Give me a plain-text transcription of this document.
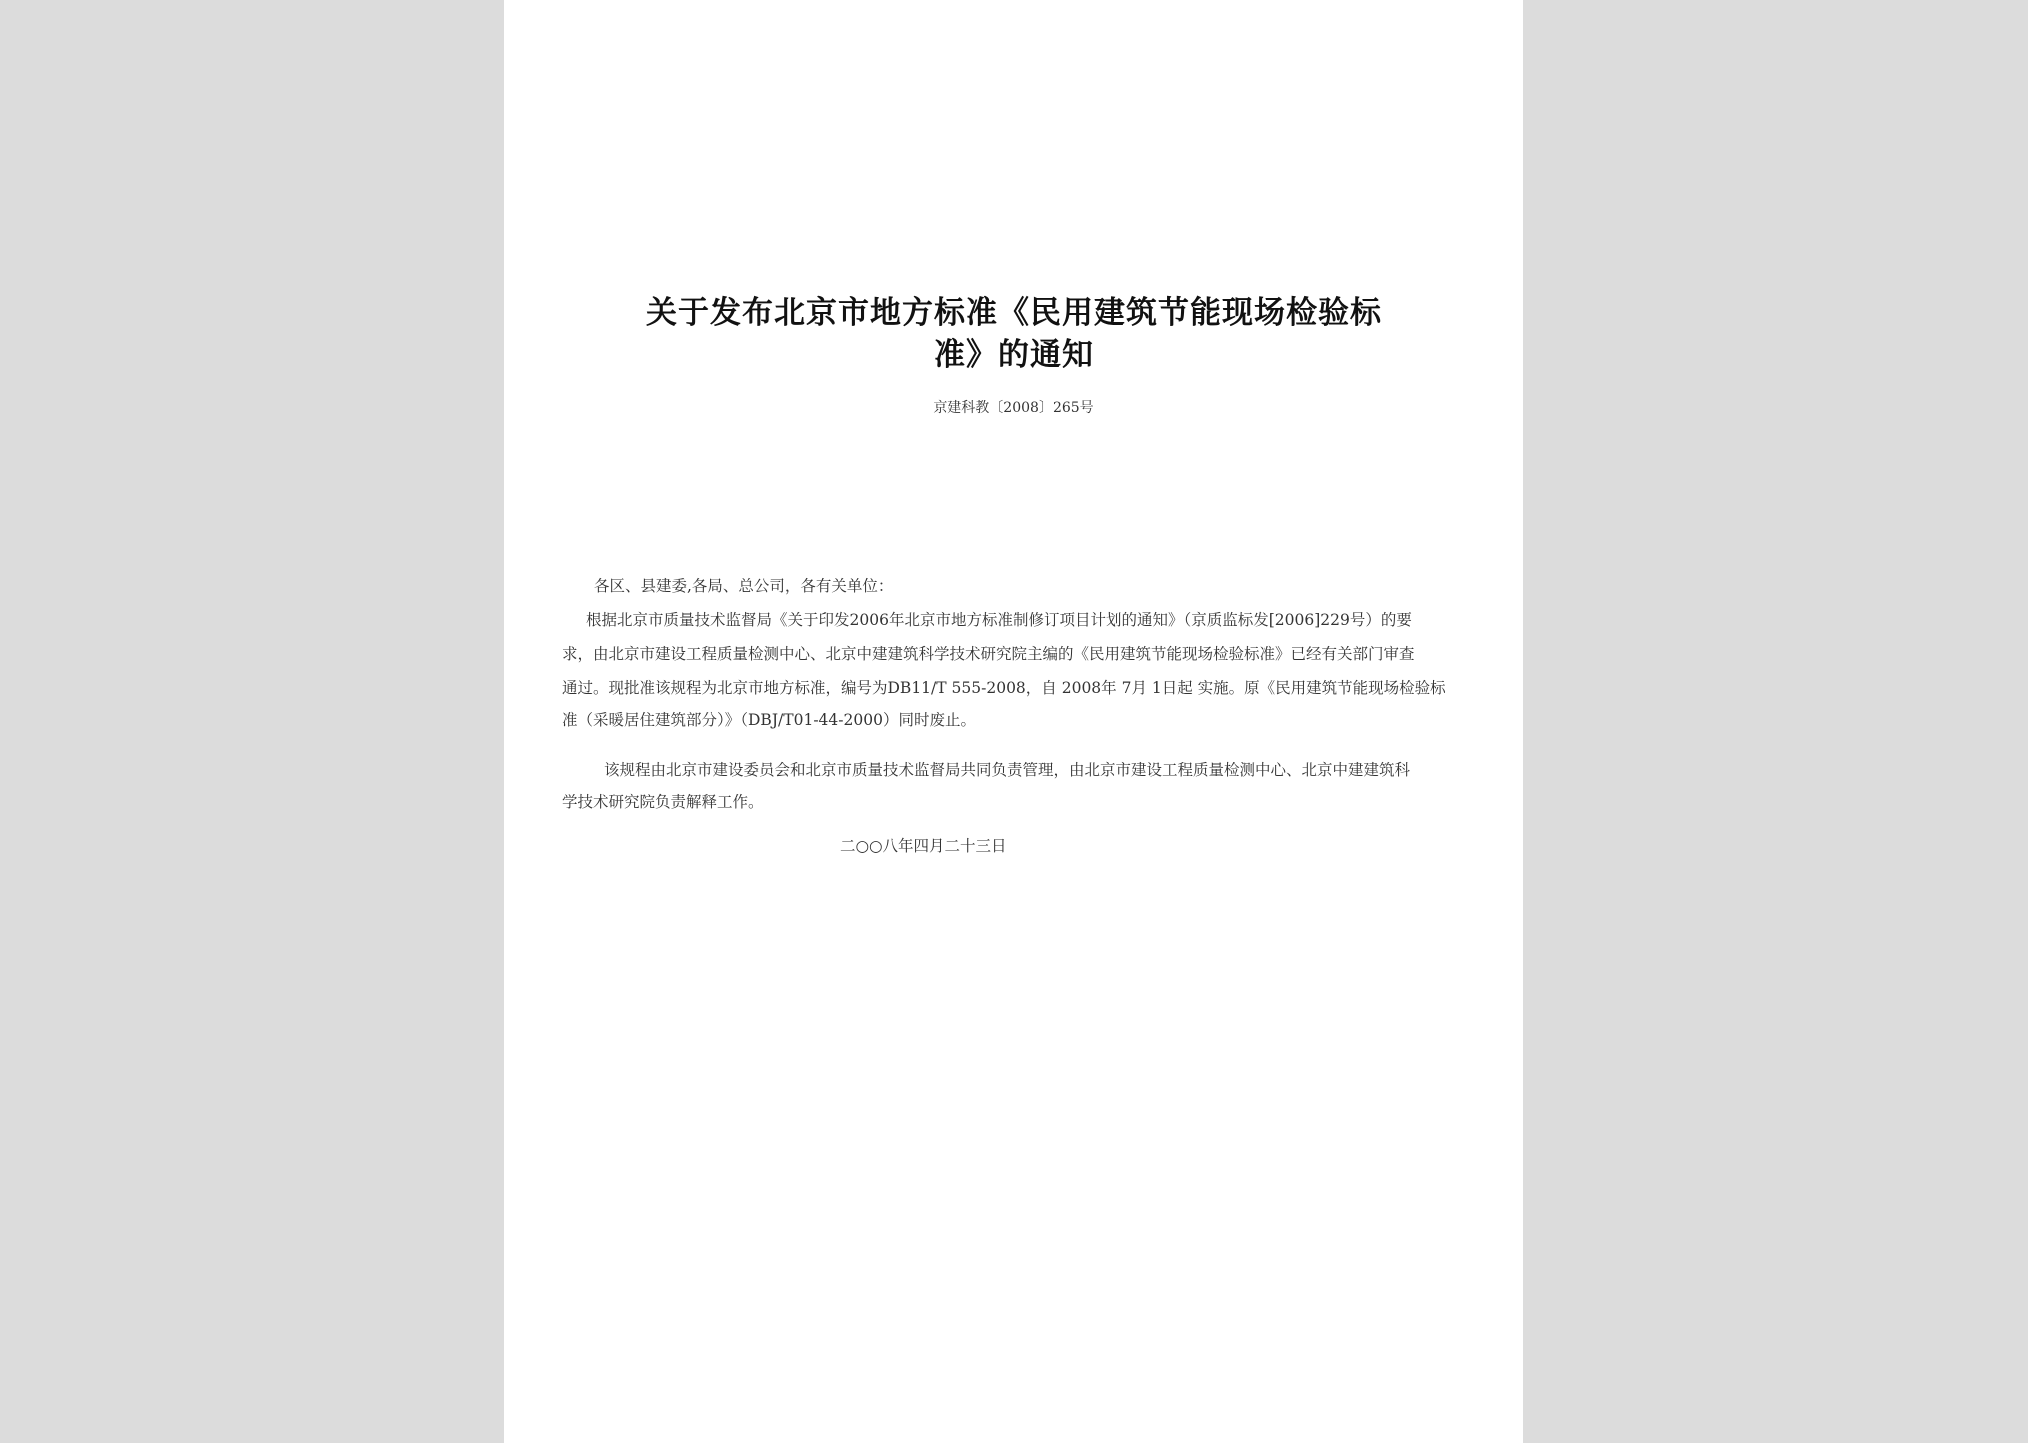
关于发布北京市地方标准《民用建筑节能现场检验标
准》的通知
京建科教〔2008〕265号
各区、县建委,各局、总公司，各有关单位：
根据北京市质量技术监督局《关于印发2006年北京市地方标准制修订项目计划的通知》（京质监标发[2006]229号）的要
求，由北京市建设工程质量检测中心、北京中建建筑科学技术研究院主编的《民用建筑节能现场检验标准》已经有关部门审查
通过。现批准该规程为北京市地方标准，编号为DB11/T 555-2008，自 2008年 7月 1日起 实施。原《民用建筑节能现场检验标
准（采暖居住建筑部分）》（DBJ/T01-44-2000）同时废止。
该规程由北京市建设委员会和北京市质量技术监督局共同负责管理，由北京市建设工程质量检测中心、北京中建建筑科
学技术研究院负责解释工作。
二○○八年四月二十三日
